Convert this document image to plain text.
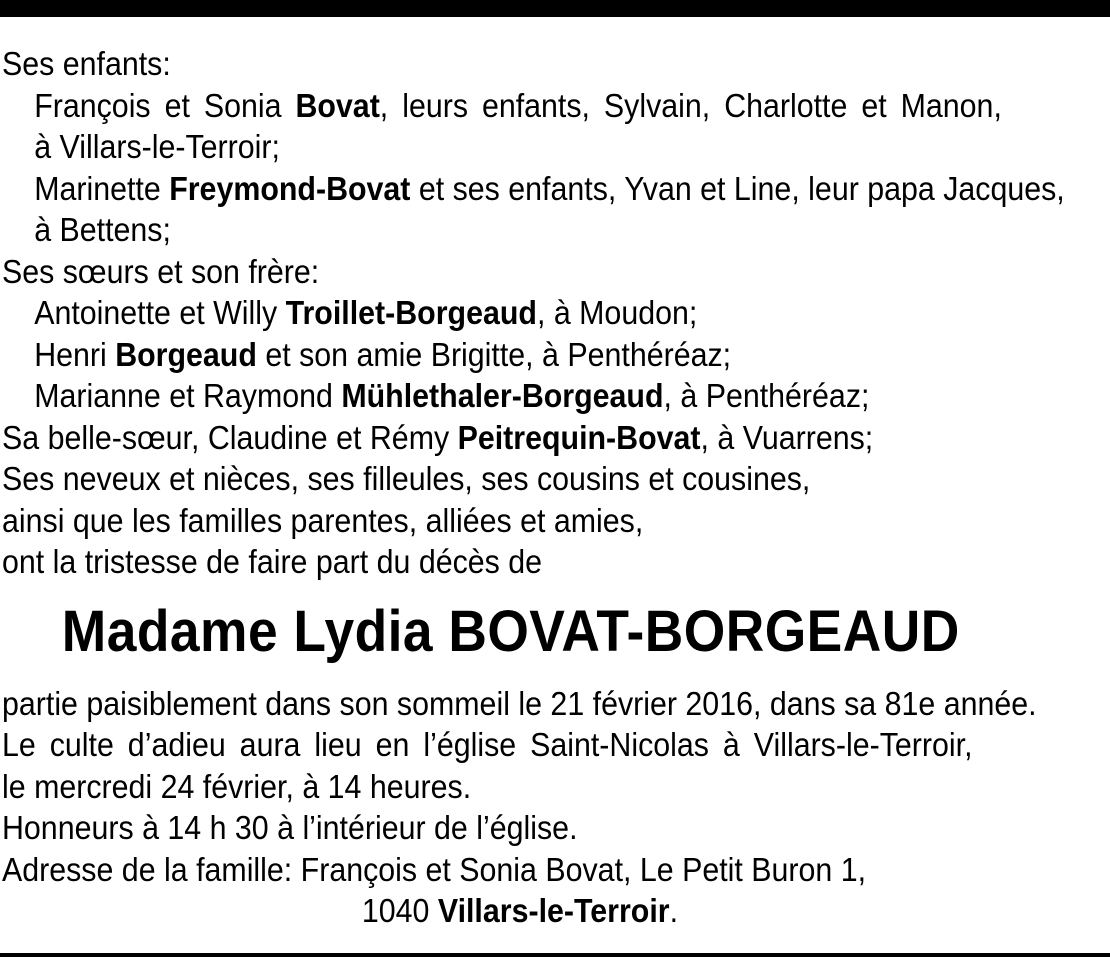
Ses enfants:
François et Sonia Bovat, leurs enfants, Sylvain, Charlotte et Manon,
à Villars-le-Terroir;
Marinette Freymond-Bovat et ses enfants, Yvan et Line, leur papa Jacques,
à Bettens;
Ses sœurs et son frère:
Antoinette et Willy Troillet-Borgeaud, à Moudon;
Henri Borgeaud et son amie Brigitte, à Penthéréaz;
Marianne et Raymond Mühlethaler-Borgeaud, à Penthéréaz;
Sa belle-sœur, Claudine et Rémy Peitrequin-Bovat, à Vuarrens;
Ses neveux et nièces, ses filleules, ses cousins et cousines,
ainsi que les familles parentes, alliées et amies,
ont la tristesse de faire part du décès de
Madame Lydia BOVAT-BORGEAUD
partie paisiblement dans son sommeil le 21 février 2016, dans sa 81e année.
Le culte d’adieu aura lieu en l’église Saint-Nicolas à Villars-le-Terroir,
le mercredi 24 février, à 14 heures.
Honneurs à 14 h 30 à l’intérieur de l’église.
Adresse de la famille: François et Sonia Bovat, Le Petit Buron 1,
1040 Villars-le-Terroir.
